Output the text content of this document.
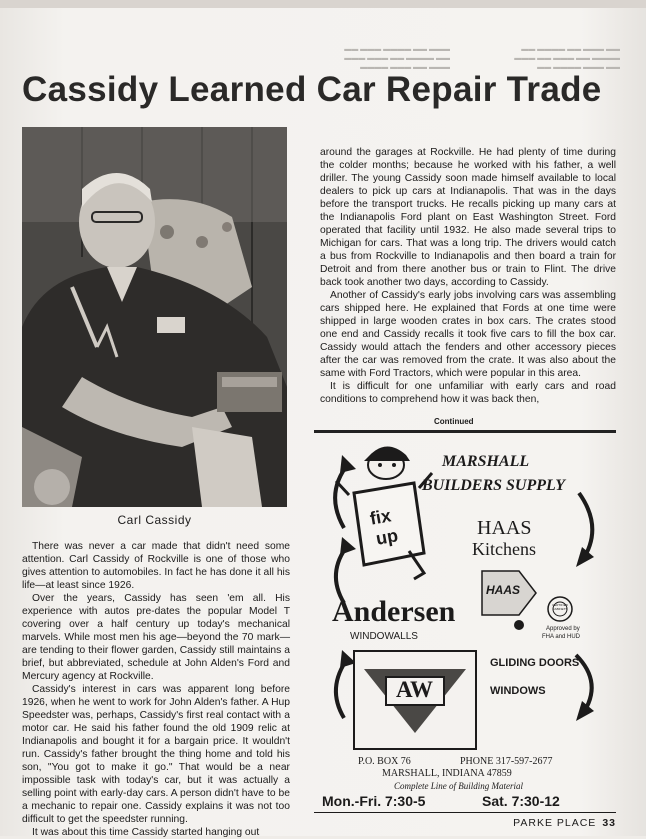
▬▬▬ ▬▬ ▬▬▬▬ ▬▬▬ ▬▬
▬▬ ▬▬▬▬ ▬▬ ▬▬▬ ▬▬▬
▬▬▬ ▬▬ ▬▬▬ ▬▬▬▬
▬▬ ▬▬▬ ▬▬ ▬▬▬▬ ▬▬
▬▬▬▬ ▬▬ ▬▬▬ ▬▬ ▬▬▬
▬▬ ▬▬▬ ▬▬▬▬ ▬▬
Cassidy Learned Car Repair Trade
Carl Cassidy

There was never a car made that didn't need some attention. Carl Cassidy of Rockville is one of those who gives attention to automobiles. In fact he has done it all his life—at least since 1926.

Over the years, Cassidy has seen 'em all. His experience with autos pre-dates the popular Model T covering over a half century up today's mechanical marvels. While most men his age—beyond the 70 mark—are tending to their flower garden, Cassidy still maintains a brief, but abbreviated, schedule at John Alden's Ford and Mercury agency at Rockville.

Cassidy's interest in cars was apparent long before 1926, when he went to work for John Alden's father. A Hup Speedster was, perhaps, Cassidy's first real contact with a motor car. He said his father found the old 1909 relic at Indianapolis and bought it for a bargain price. It wouldn't run. Cassidy's father brought the thing home and told his son, "You got to make it go." That would be a near impossible task with today's car, but it was actually a selling point with early-day cars. A person didn't have to be a mechanic to repair one. Cassidy explains it was not too difficult to get the speedster running.

It was about this time Cassidy started hanging out

around the garages at Rockville. He had plenty of time during the colder months; because he worked with his father, a well driller. The young Cassidy soon made himself available to local dealers to pick up cars at Indianapolis. That was in the days before the transport trucks. He recalls picking up many cars at the Indianapolis Ford plant on East Washington Street. Ford operated that facility until 1932. He also made several trips to Michigan for cars. That was a long trip. The drivers would catch a bus from Rockville to Indianapolis and then board a train for Detroit and from there another bus or train to Flint. The drive back took another two days, according to Cassidy.

Another of Cassidy's early jobs involving cars was assembling cars shipped here. He explained that Fords at one time were shipped in large wooden crates in box cars. The crates stood one end and Cassidy recalls it took five cars to fill the box car. Cassidy would attach the fenders and other accessory pieces after the car was removed from the crate. It was also about the same with Ford Tractors, which were popular in this area.

It is difficult for one unfamiliar with early cars and road conditions to comprehend how it was back then,

Continued
MARSHALL
BUILDERS SUPPLY
fix
up	HAAS
Kitchens
HAAS
CERTIFIED CABINETS
Approved by
FHA and HUD
Andersen
WINDOWALLS
AW
GLIDING DOORS
WINDOWS
P.O. BOX 76	PHONE 317-597-2677
MARSHALL, INDIANA 47859
Complete Line of Building Material
Mon.-Fri. 7:30-5	Sat. 7:30-12
PARKE PLACE 33
